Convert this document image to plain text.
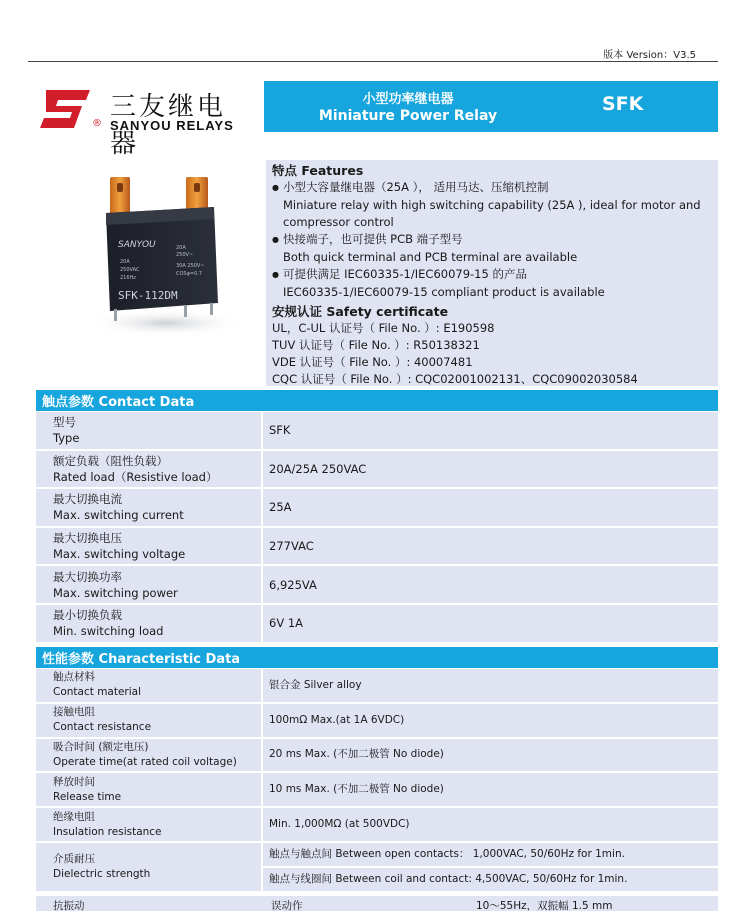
版本 Version：V3.5
®
三友继电器
SANYOU RELAYS
小型功率继电器
Miniature Power Relay
SFK
SANYOU
SFK-112DM
20A
250VAC
216Hz
20A
250V~
30A 250V~
COSφ=0.7
特点 Features
● 小型大容量继电器（25A ）， 适用马达、压缩机控制
Miniature relay with high switching capability (25A ), ideal for motor and
compressor control
● 快接端子，也可提供 PCB 端子型号
Both quick terminal and PCB terminal are available
● 可提供满足 IEC60335-1/IEC60079-15 的产品
IEC60335-1/IEC60079-15 compliant product is available
安规认证 Safety certificate
UL，C-UL 认证号（ File No. ）: E190598
TUV 认证号（ File No. ）: R50138321
VDE 认证号（ File No. ）: 40007481
CQC 认证号（ File No. ）: CQC02001002131、CQC09002030584
触点参数 Contact Data
型号
Type
SFK
额定负载（阻性负载）
Rated load（Resistive load）
20A/25A 250VAC
最大切换电流
Max. switching current
25A
最大切换电压
Max. switching voltage
277VAC
最大切换功率
Max. switching power
6,925VA
最小切换负载
Min. switching load
6V 1A
性能参数 Characteristic Data
触点材料
Contact material
银合金 Silver alloy
接触电阻
Contact resistance
100mΩ Max.(at 1A 6VDC)
吸合时间 (额定电压)
Operate time(at rated coil voltage)
20 ms Max. (不加二极管 No diode)
释放时间
Release time
10 ms Max. (不加二极管 No diode)
绝缘电阻
Insulation resistance
Min. 1,000MΩ (at 500VDC)
介质耐压
Dielectric strength
触点与触点间 Between open contacts： 1,000VAC, 50/60Hz for 1min.
触点与线圈间 Between coil and contact: 4,500VAC, 50/60Hz for 1min.
抗振动	误动作	10～55Hz，双振幅 1.5 mm
